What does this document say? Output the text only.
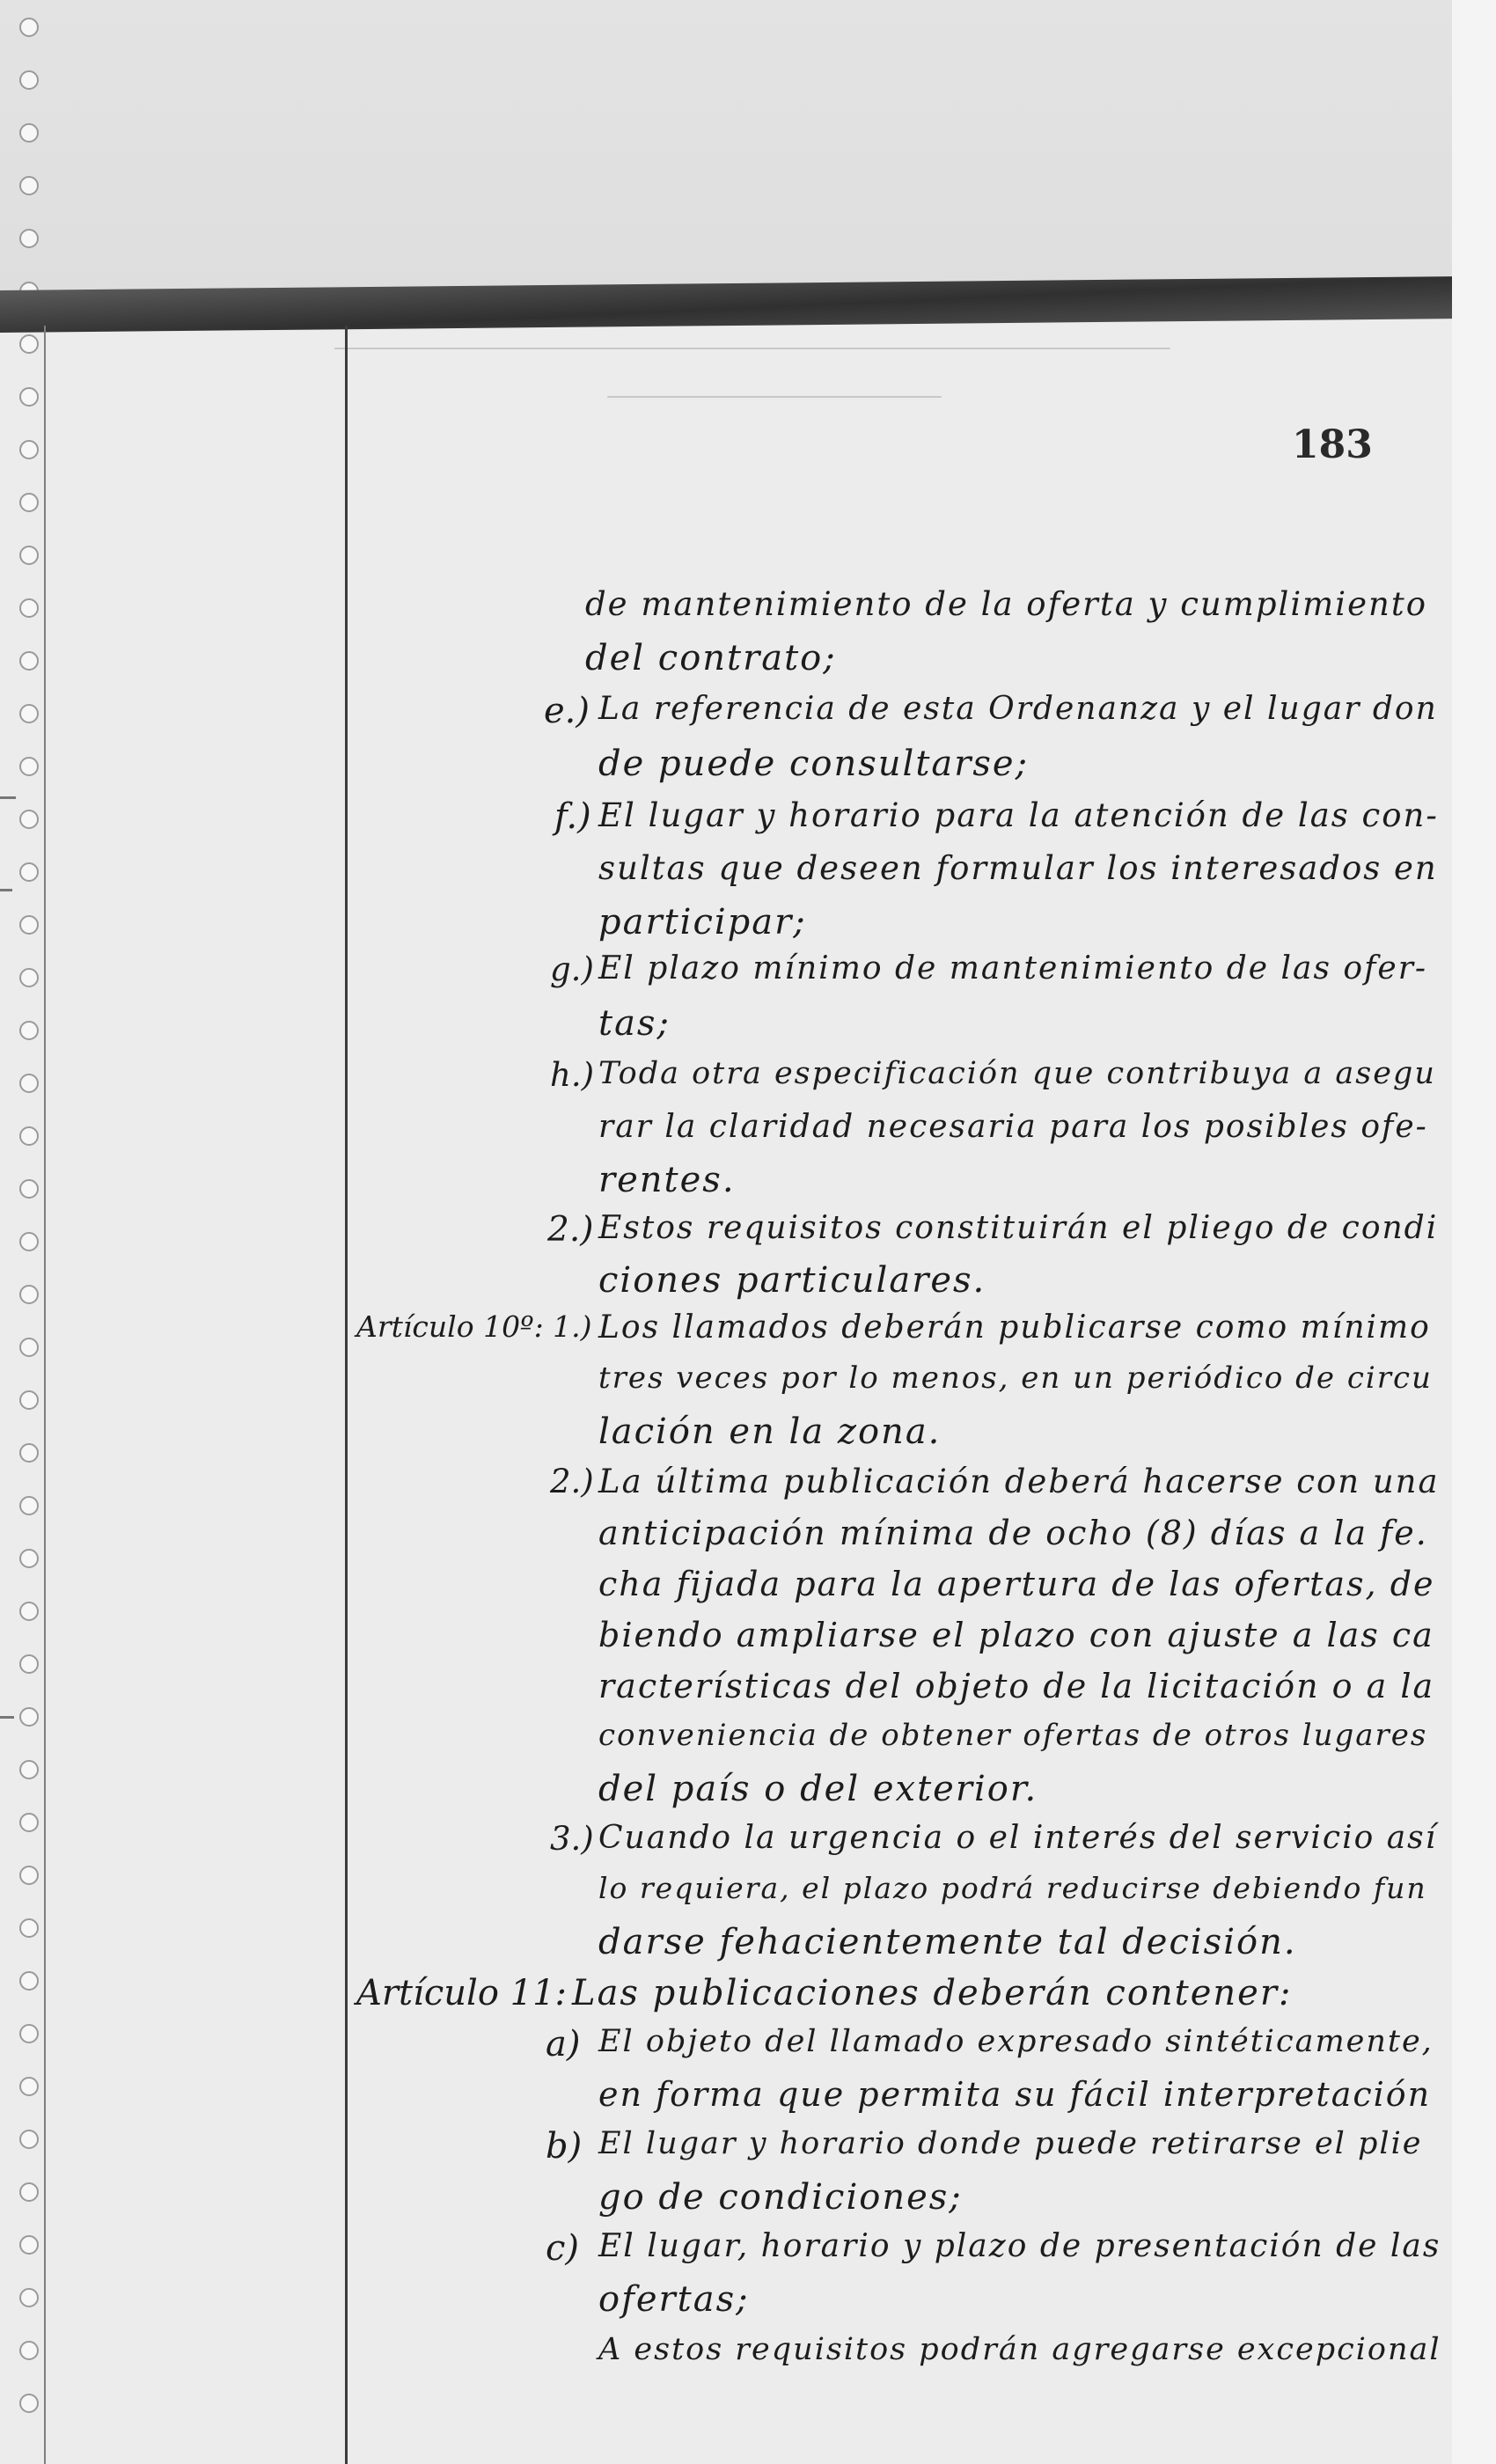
183
de mantenimiento de la oferta y cumplimiento
del contrato;
e.) La referencia de esta Ordenanza y el lugar don
de puede consultarse;
f.) El lugar y horario para la atención de las con-
sultas que deseen formular los interesados en
participar;
g.) El plazo mínimo de mantenimiento de las ofer-
tas;
h.) Toda otra especificación que contribuya a asegu
rar la claridad necesaria para los posibles ofe-
rentes.
2.) Estos requisitos constituirán el pliego de condi
ciones particulares.
Artículo 10º: 1.) Los llamados deberán publicarse como mínimo
tres veces por lo menos, en un periódico de circu
lación en la zona.
2.) La última publicación deberá hacerse con una
anticipación mínima de ocho (8) días a la fe.
cha fijada para la apertura de las ofertas, de
biendo ampliarse el plazo con ajuste a las ca
racterísticas del objeto de la licitación o a la
conveniencia de obtener ofertas de otros lugares
del país o del exterior.
3.) Cuando la urgencia o el interés del servicio así
lo requiera, el plazo podrá reducirse debiendo fun
darse fehacientemente tal decisión.
Artículo 11: Las publicaciones deberán contener:
a) El objeto del llamado expresado sintéticamente,
en forma que permita su fácil interpretación
b) El lugar y horario donde puede retirarse el plie
go de condiciones;
c) El lugar, horario y plazo de presentación de las
ofertas;
A estos requisitos podrán agregarse excepcional
